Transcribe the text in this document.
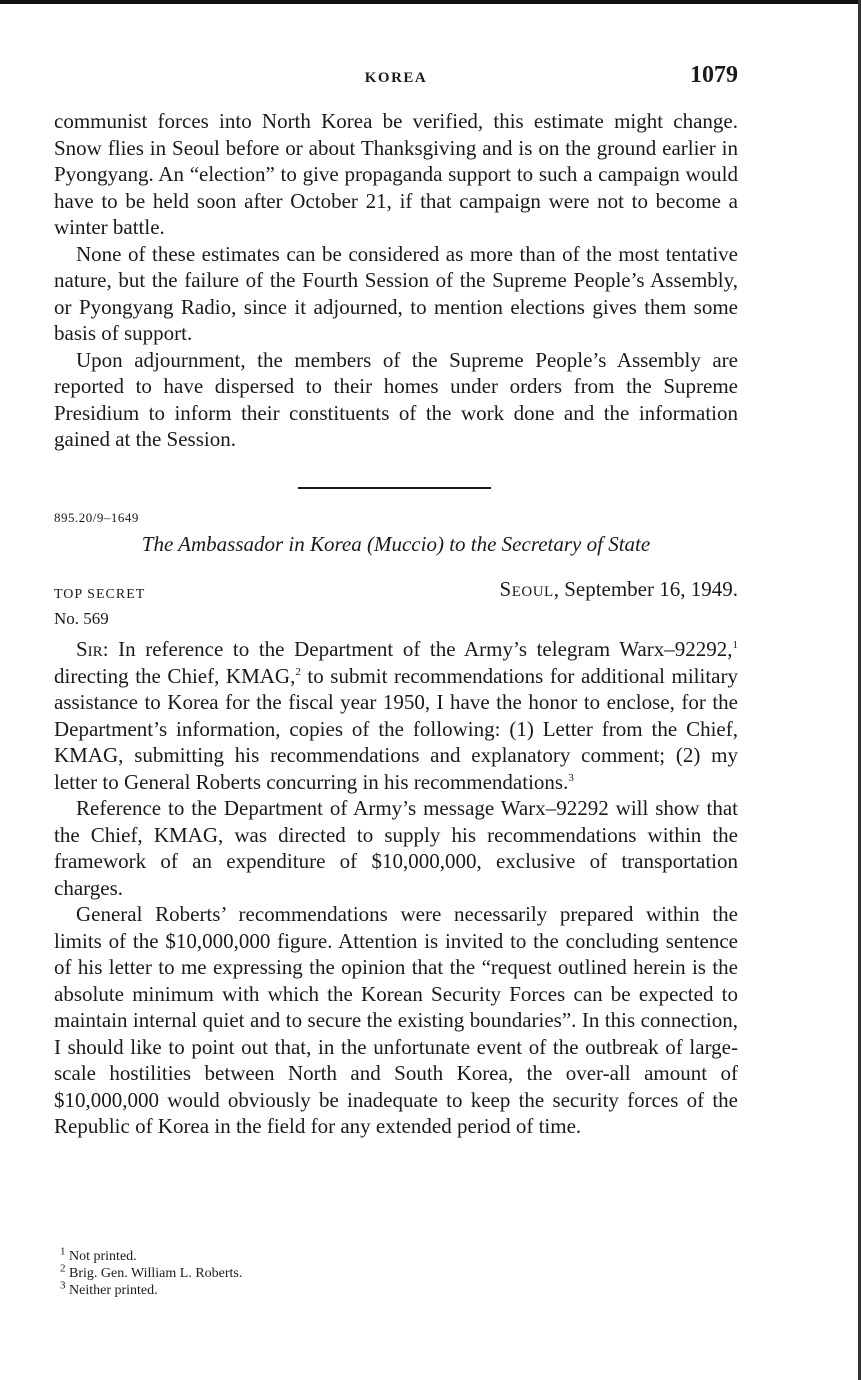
KOREA	1079

communist forces into North Korea be verified, this estimate might change. Snow flies in Seoul before or about Thanksgiving and is on the ground earlier in Pyongyang. An “election” to give propaganda support to such a campaign would have to be held soon after October 21, if that campaign were not to become a winter battle.

None of these estimates can be considered as more than of the most tentative nature, but the failure of the Fourth Session of the Supreme People’s Assembly, or Pyongyang Radio, since it adjourned, to mention elections gives them some basis of support.

Upon adjournment, the members of the Supreme People’s Assembly are reported to have dispersed to their homes under orders from the Supreme Presidium to inform their constituents of the work done and the information gained at the Session.

895.20/9–1649
The Ambassador in Korea (Muccio) to the Secretary of State
TOP SECRET	Seoul, September 16, 1949.
No. 569

Sir: In reference to the Department of the Army’s telegram Warx–92292,$^1$ directing the Chief, KMAG,$^2$ to submit recommendations for additional military assistance to Korea for the fiscal year 1950, I have the honor to enclose, for the Department’s information, copies of the following: (1) Letter from the Chief, KMAG, submitting his recommendations and explanatory comment; (2) my letter to General Roberts concurring in his recommendations.$^3$

Reference to the Department of Army’s message Warx–92292 will show that the Chief, KMAG, was directed to supply his recommendations within the framework of an expenditure of $10,000,000, exclusive of transportation charges.

General Roberts’ recommendations were necessarily prepared within the limits of the $10,000,000 figure. Attention is invited to the concluding sentence of his letter to me expressing the opinion that the “request outlined herein is the absolute minimum with which the Korean Security Forces can be expected to maintain internal quiet and to secure the existing boundaries”. In this connection, I should like to point out that, in the unfortunate event of the outbreak of large-scale hostilities between North and South Korea, the over-all amount of $10,000,000 would obviously be inadequate to keep the security forces of the Republic of Korea in the field for any extended period of time.

$^1$ Not printed.
$^2$ Brig. Gen. William L. Roberts.
$^3$ Neither printed.
